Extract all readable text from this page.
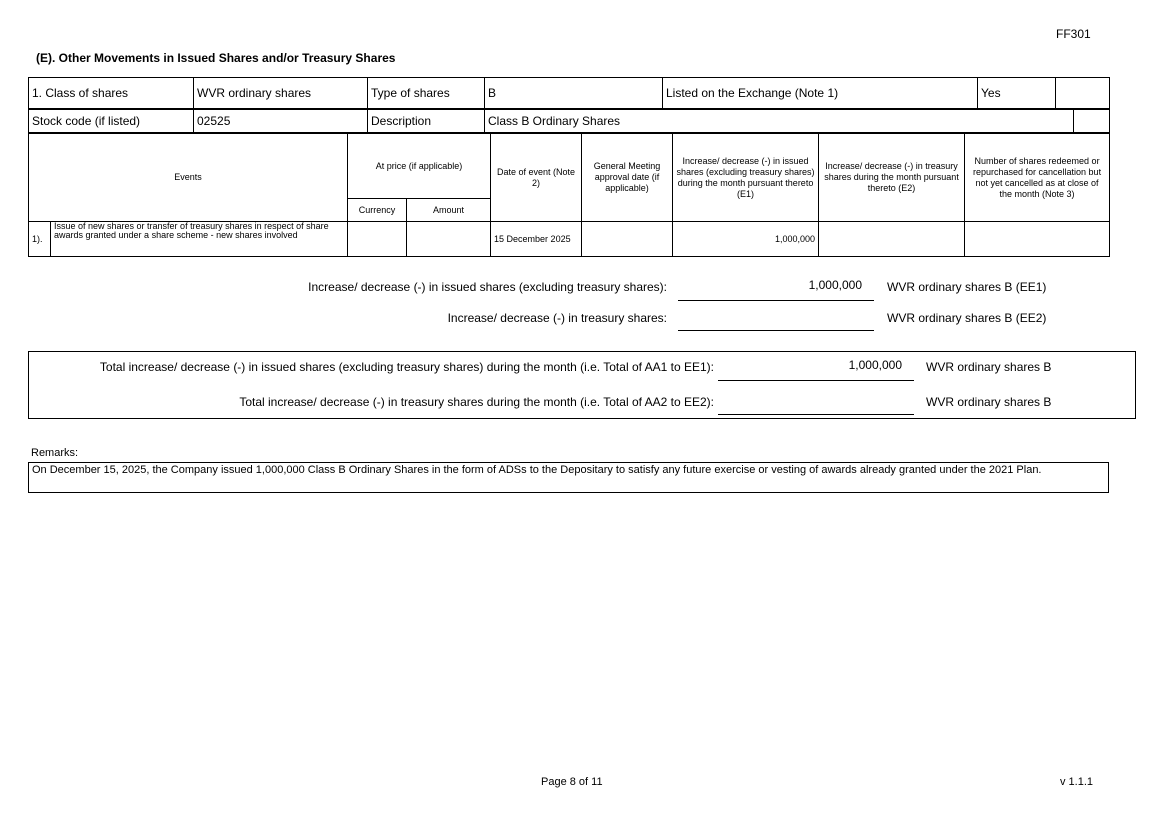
FF301
(E). Other Movements in Issued Shares and/or Treasury Shares
1. Class of shares	WVR ordinary shares	Type of shares	B	Listed on the Exchange (Note 1)	Yes	
Stock code (if listed)	02525	Description	Class B Ordinary Shares	
Events		At price (if applicable)		Date of event (Note 2)	General Meeting approval date (if applicable)	Increase/ decrease (-) in issued shares (excluding treasury shares) during the month pursuant thereto (E1)	Increase/ decrease (-) in treasury shares during the month pursuant thereto (E2)	Number of shares redeemed or repurchased for cancellation but not yet cancelled as at close of the month (Note 3)
		Currency	Amount					
1).	Issue of new shares or transfer of treasury shares in respect of share awards granted under a share scheme - new shares involved			15 December 2025		1,000,000		
Increase/ decrease (-) in issued shares (excluding treasury shares):	1,000,000	WVR ordinary shares B (EE1)
Increase/ decrease (-) in treasury shares:	WVR ordinary shares B (EE2)
Total increase/ decrease (-) in issued shares (excluding treasury shares) during the month (i.e. Total of AA1 to EE1):	1,000,000	WVR ordinary shares B
Total increase/ decrease (-) in treasury shares during the month (i.e. Total of AA2 to EE2):	WVR ordinary shares B
Remarks:
On December 15, 2025, the Company issued 1,000,000 Class B Ordinary Shares in the form of ADSs to the Depositary to satisfy any future exercise or vesting of awards already granted under the 2021 Plan.
Page 8 of 11	v 1.1.1
